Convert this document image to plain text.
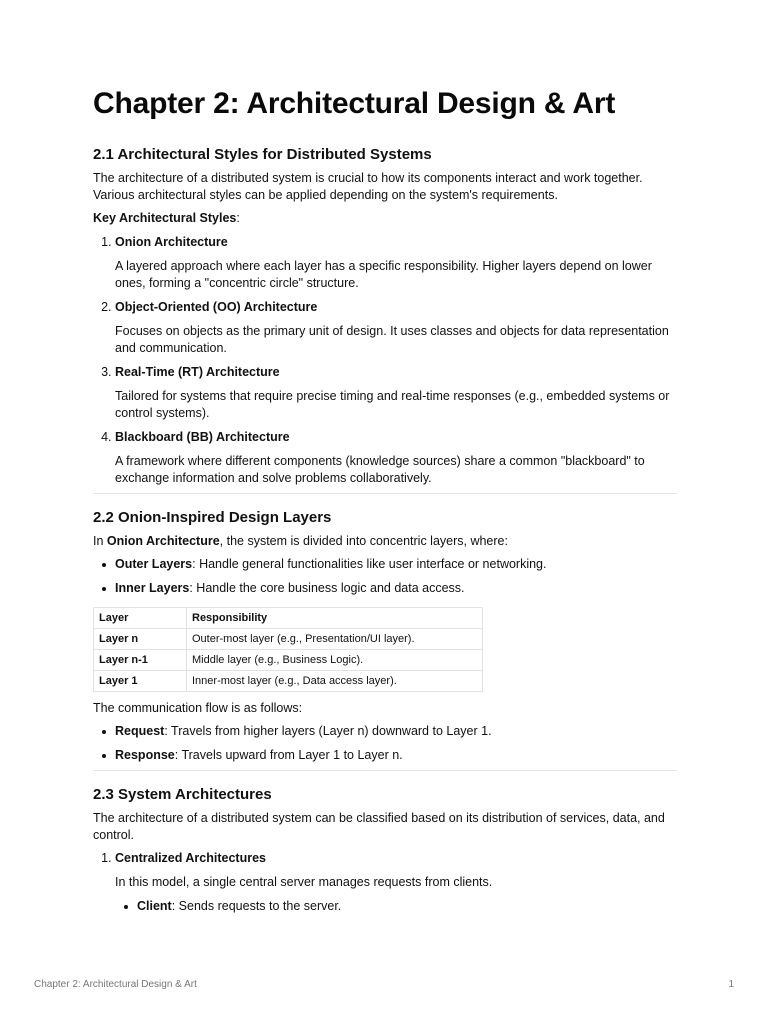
Chapter 2: Architectural Design & Art
2.1 Architectural Styles for Distributed Systems

The architecture of a distributed system is crucial to how its components interact and work together. Various architectural styles can be applied depending on the system's requirements.

Key Architectural Styles:

1. Onion Architecture

A layered approach where each layer has a specific responsibility. Higher layers depend on lower ones, forming a "concentric circle" structure.

2. Object-Oriented (OO) Architecture

Focuses on objects as the primary unit of design. It uses classes and objects for data representation and communication.

3. Real-Time (RT) Architecture

Tailored for systems that require precise timing and real-time responses (e.g., embedded systems or control systems).

4. Blackboard (BB) Architecture

A framework where different components (knowledge sources) share a common "blackboard" to exchange information and solve problems collaboratively.

2.2 Onion-Inspired Design Layers

In Onion Architecture, the system is divided into concentric layers, where:

Outer Layers: Handle general functionalities like user interface or networking.
Inner Layers: Handle the core business logic and data access.
Layer	Responsibility
Layer n	Outer-most layer (e.g., Presentation/UI layer).
Layer n-1	Middle layer (e.g., Business Logic).
Layer 1	Inner-most layer (e.g., Data access layer).

The communication flow is as follows:

Request: Travels from higher layers (Layer n) downward to Layer 1.
Response: Travels upward from Layer 1 to Layer n.
2.3 System Architectures

The architecture of a distributed system can be classified based on its distribution of services, data, and control.

1. Centralized Architectures

In this model, a single central server manages requests from clients.

Client: Sends requests to the server.
Chapter 2: Architectural Design & Art	1
